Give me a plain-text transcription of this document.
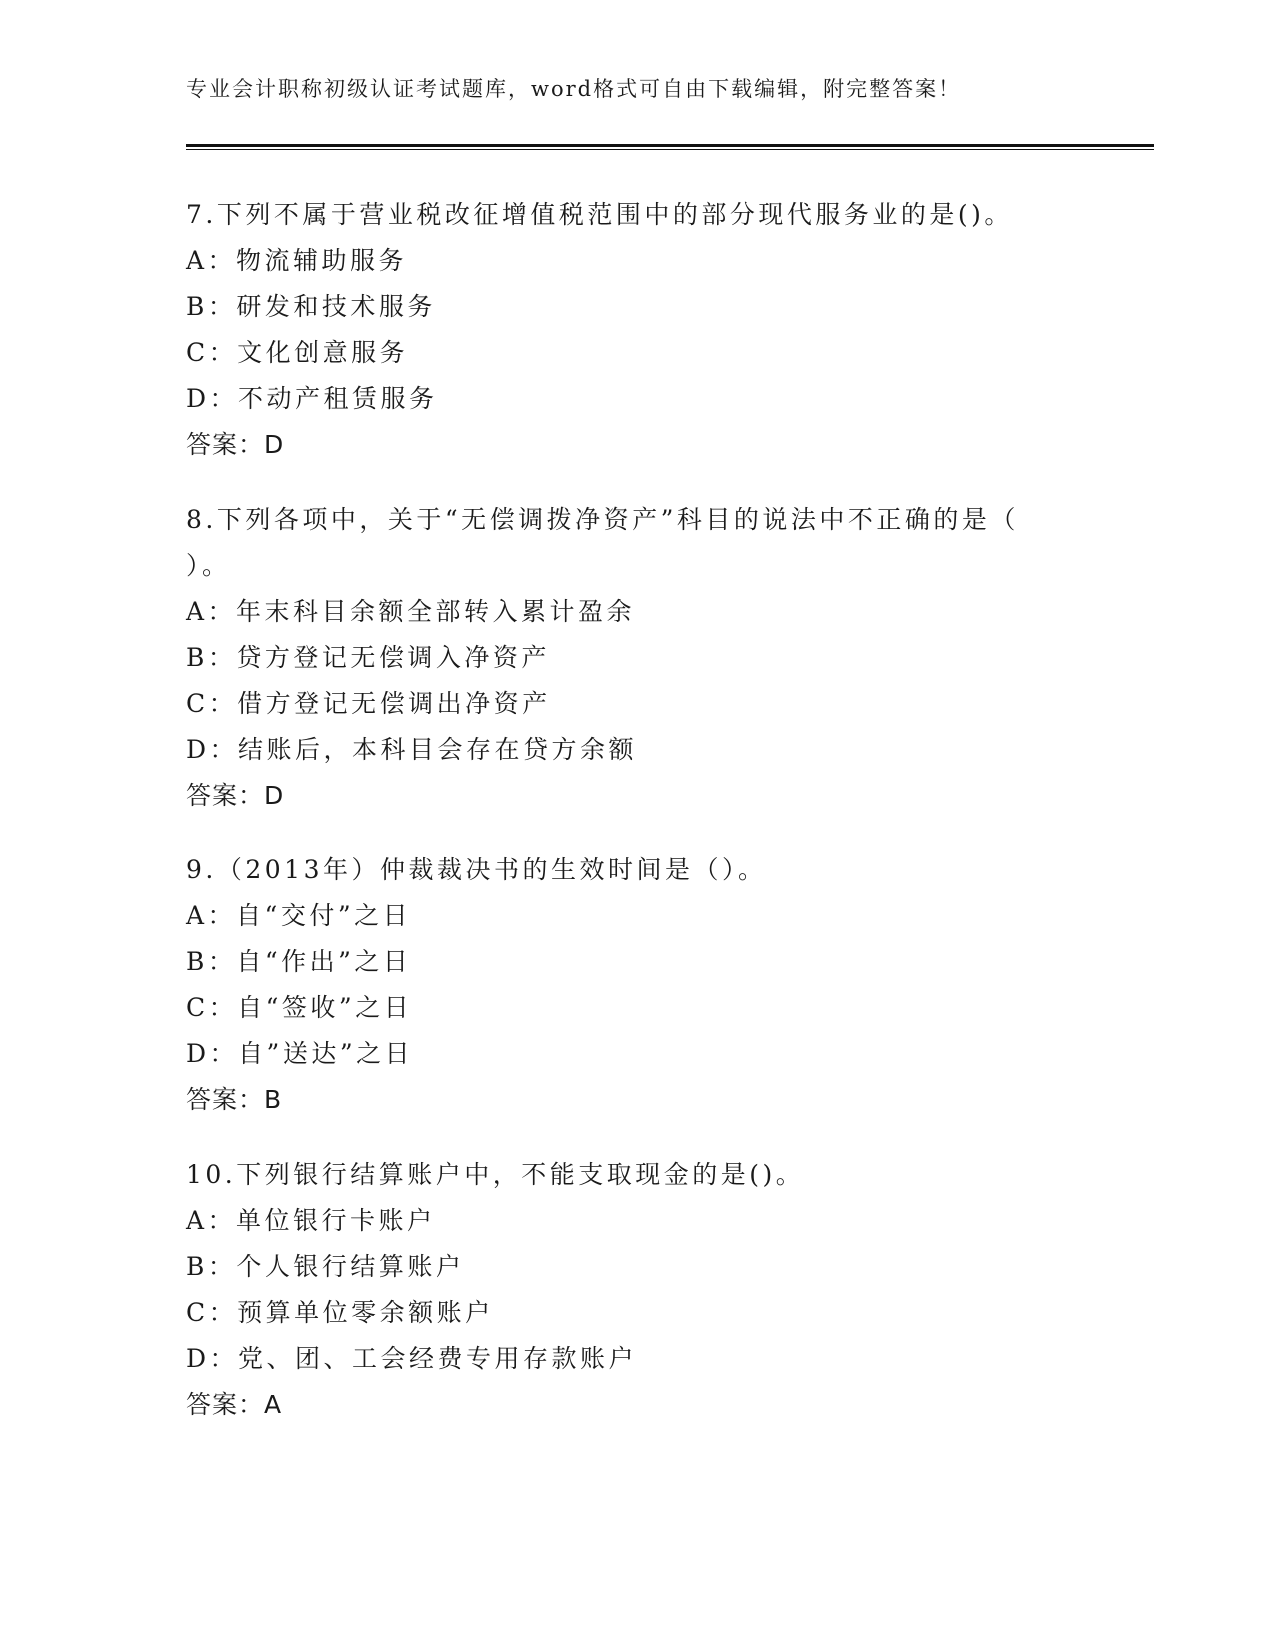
专业会计职称初级认证考试题库，word格式可自由下载编辑，附完整答案！
7.下列不属于营业税改征增值税范围中的部分现代服务业的是()。
A：物流辅助服务
B：研发和技术服务
C：文化创意服务
D：不动产租赁服务
答案：D
8.下列各项中，关于“无偿调拨净资产”科目的说法中不正确的是（
）。
A：年末科目余额全部转入累计盈余
B：贷方登记无偿调入净资产
C：借方登记无偿调出净资产
D：结账后，本科目会存在贷方余额
答案：D
9.（2013年）仲裁裁决书的生效时间是（）。
A：自“交付”之日
B：自“作出”之日
C：自“签收”之日
D：自”送达”之日
答案：B
10.下列银行结算账户中，不能支取现金的是()。
A：单位银行卡账户
B：个人银行结算账户
C：预算单位零余额账户
D：党、团、工会经费专用存款账户
答案：A
